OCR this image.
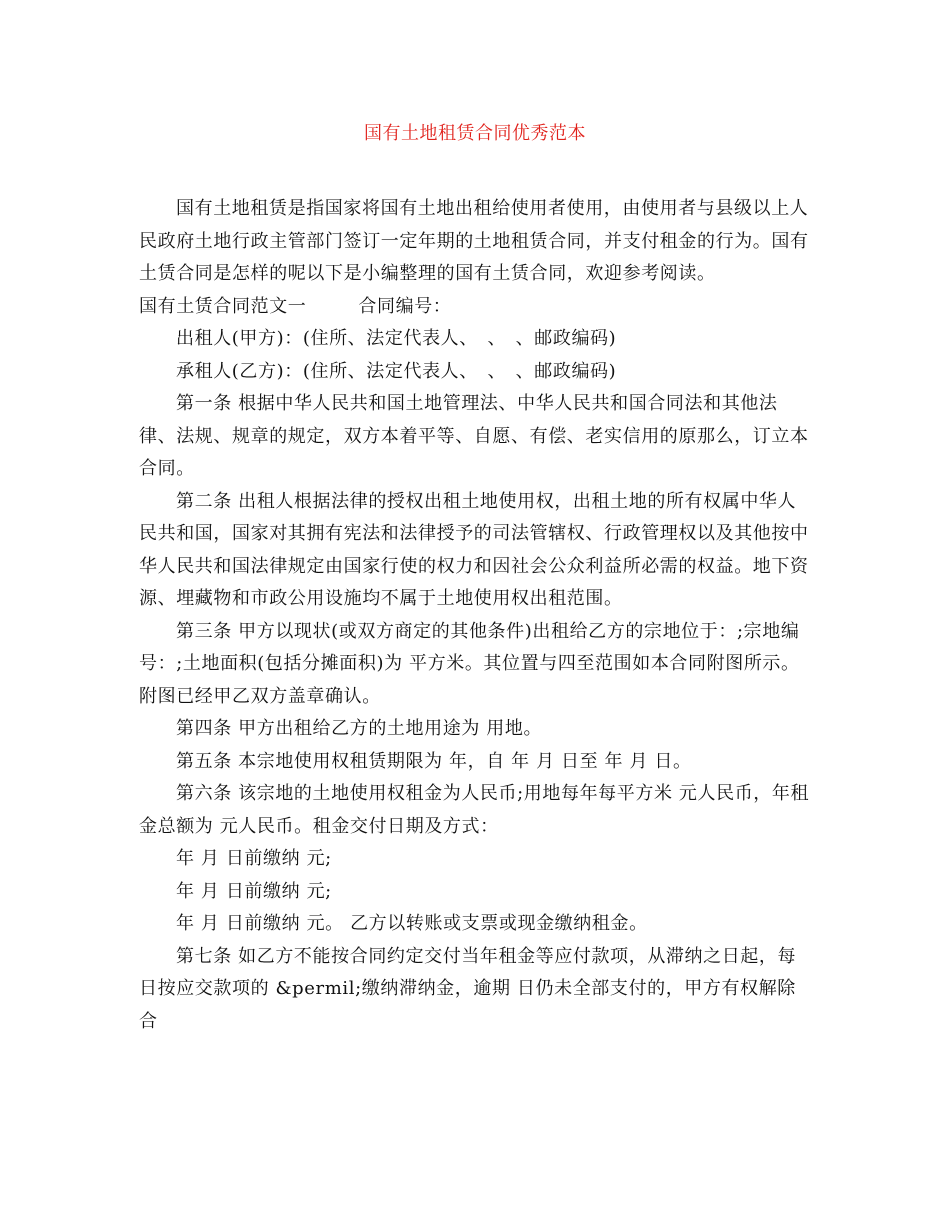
国有土地租赁合同优秀范本

国有土地租赁是指国家将国有土地出租给使用者使用，由使用者与县级以上人民政府土地行政主管部门签订一定年期的土地租赁合同，并支付租金的行为。国有土赁合同是怎样的呢以下是小编整理的国有土赁合同，欢迎参考阅读。

国有土赁合同范文一	合同编号：

出租人(甲方)：(住所、法定代表人、　、　、邮政编码)

承租人(乙方)：(住所、法定代表人、　、　、邮政编码)

第一条 根据中华人民共和国土地管理法、中华人民共和国合同法和其他法律、法规、规章的规定，双方本着平等、自愿、有偿、老实信用的原那么，订立本合同。

第二条 出租人根据法律的授权出租土地使用权，出租土地的所有权属中华人民共和国，国家对其拥有宪法和法律授予的司法管辖权、行政管理权以及其他按中华人民共和国法律规定由国家行使的权力和因社会公众利益所必需的权益。地下资源、埋藏物和市政公用设施均不属于土地使用权出租范围。

第三条 甲方以现状(或双方商定的其他条件)出租给乙方的宗地位于：;宗地编号：;土地面积(包括分摊面积)为 平方米。其位置与四至范围如本合同附图所示。附图已经甲乙双方盖章确认。

第四条 甲方出租给乙方的土地用途为 用地。

第五条 本宗地使用权租赁期限为 年，自 年 月 日至 年 月 日。

第六条 该宗地的土地使用权租金为人民币;用地每年每平方米 元人民币，年租金总额为 元人民币。租金交付日期及方式：

年 月 日前缴纳 元;

年 月 日前缴纳 元;

年 月 日前缴纳 元。 乙方以转账或支票或现金缴纳租金。

第七条 如乙方不能按合同约定交付当年租金等应付款项，从滞纳之日起，每日按应交款项的 &permil;缴纳滞纳金，逾期 日仍未全部支付的，甲方有权解除合
